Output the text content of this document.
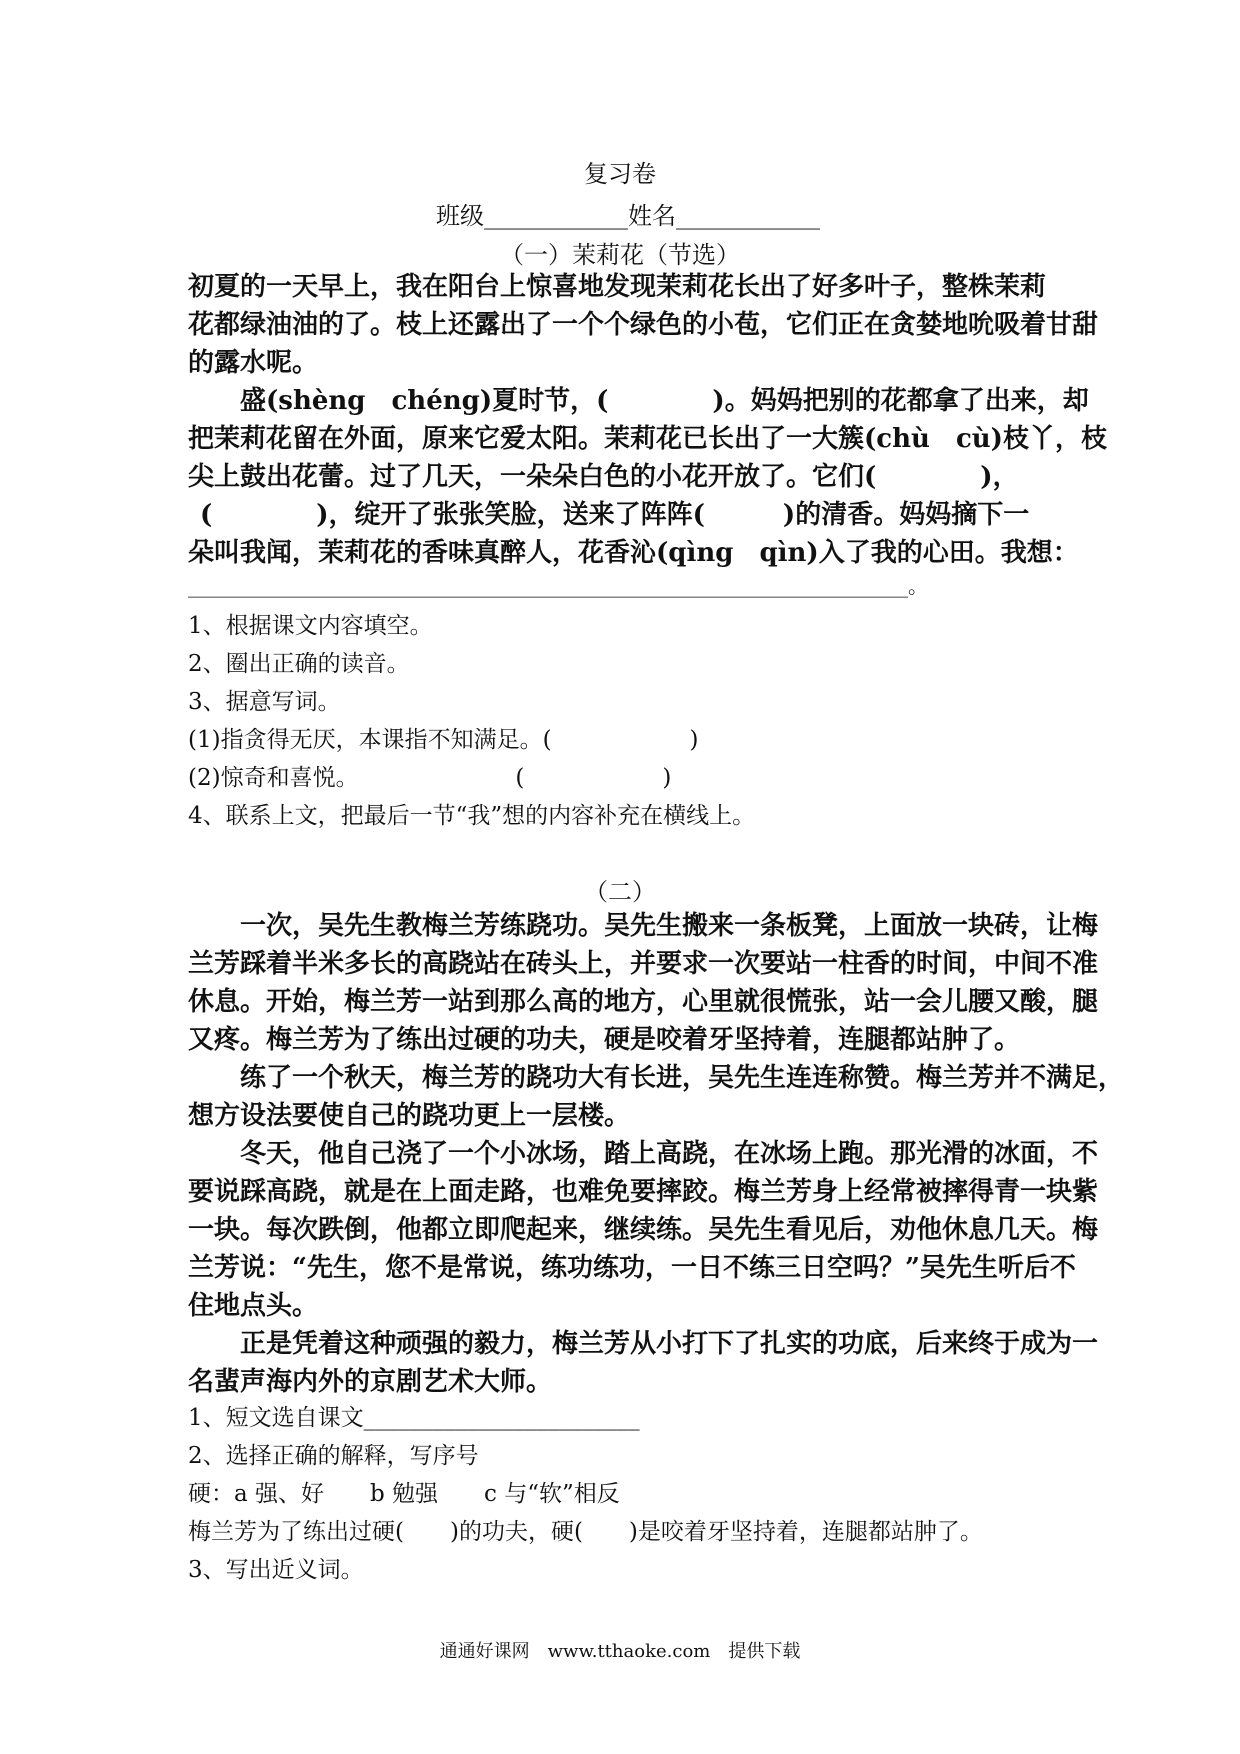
复习卷
班级____________姓名____________
（一）茉莉花（节选）
初夏的一天早上，我在阳台上惊喜地发现茉莉花长出了好多叶子，整株茉莉
花都绿油油的了。枝上还露出了一个个绿色的小苞，它们正在贪婪地吮吸着甘甜
的露水呢。
盛(shèng　chéng)夏时节，(　　　　)。妈妈把别的花都拿了出来，却
把茉莉花留在外面，原来它爱太阳。茉莉花已长出了一大簇(chù　cù)枝丫，枝
尖上鼓出花蕾。过了几天，一朵朵白色的小花开放了。它们(　　　　)，
(　　　　)，绽开了张张笑脸，送来了阵阵(　　　)的清香。妈妈摘下一
朵叫我闻，茉莉花的香味真醉人，花香沁(qìng　qìn)入了我的心田。我想：
________________________________________________________________________。
1、根据课文内容填空。
2、圈出正确的读音。
3、据意写词。
(1)指贪得无厌，本课指不知满足。(　　　　　　)
(2)惊奇和喜悦。　　　　　　　 (　　　　　　)
4、联系上文，把最后一节“我”想的内容补充在横线上。
（二）
一次，吴先生教梅兰芳练跷功。吴先生搬来一条板凳，上面放一块砖，让梅
兰芳踩着半米多长的高跷站在砖头上，并要求一次要站一柱香的时间，中间不准
休息。开始，梅兰芳一站到那么高的地方，心里就很慌张，站一会儿腰又酸，腿
又疼。梅兰芳为了练出过硬的功夫，硬是咬着牙坚持着，连腿都站肿了。
练了一个秋天，梅兰芳的跷功大有长进，吴先生连连称赞。梅兰芳并不满足，
想方设法要使自己的跷功更上一层楼。
冬天，他自己浇了一个小冰场，踏上高跷，在冰场上跑。那光滑的冰面，不
要说踩高跷，就是在上面走路，也难免要摔跤。梅兰芳身上经常被摔得青一块紫
一块。每次跌倒，他都立即爬起来，继续练。吴先生看见后，劝他休息几天。梅
兰芳说：“先生，您不是常说，练功练功，一日不练三日空吗？”吴先生听后不
住地点头。
正是凭着这种顽强的毅力，梅兰芳从小打下了扎实的功底，后来终于成为一
名蜚声海内外的京剧艺术大师。
1、短文选自课文________________________
2、选择正确的解释，写序号
硬：a 强、好　　b 勉强　　c 与“软”相反
梅兰芳为了练出过硬(　　)的功夫，硬(　　)是咬着牙坚持着，连腿都站肿了。
3、写出近义词。
通通好课网　www.tthaoke.com　提供下载
